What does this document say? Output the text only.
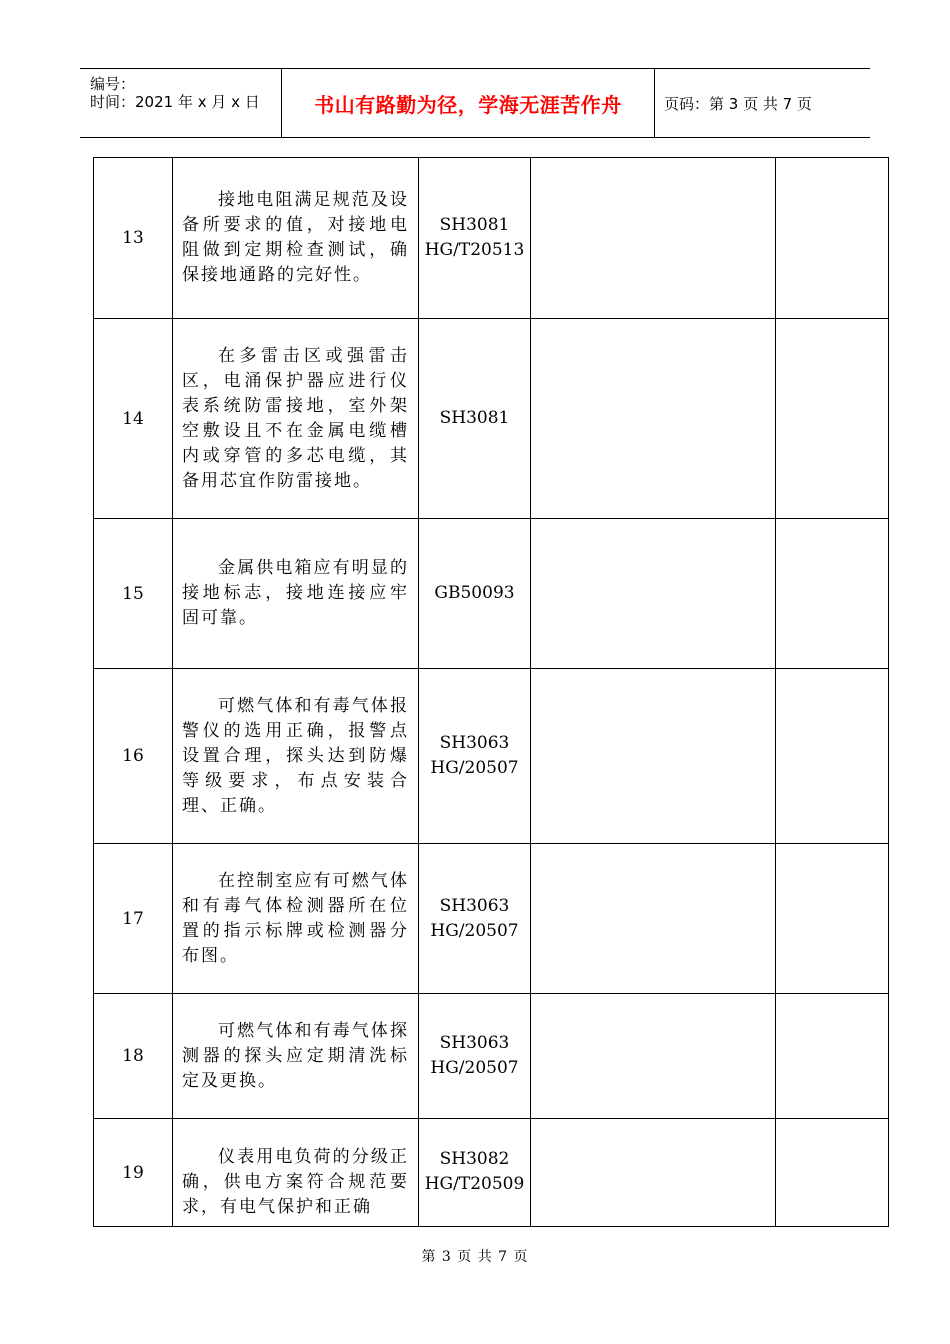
编号：
时间：2021 年 x 月 x 日	书山有路勤为径，学海无涯苦作舟	页码：第 3 页 共 7 页
13	接地电阻满足规范及设备所要求的值，对接地电阻做到定期检查测试，确保接地通路的完好性。	SH3081
HG/T20513		

14	在多雷击区或强雷击区，电涌保护器应进行仪表系统防雷接地，室外架空敷设且不在金属电缆槽内或穿管的多芯电缆，其备用芯宜作防雷接地。	SH3081		

15	金属供电箱应有明显的接地标志，接地连接应牢固可靠。	GB50093		

16	可燃气体和有毒气体报警仪的选用正确，报警点设置合理，探头达到防爆等级要求，布点安装合理、正确。	SH3063
HG/20507		

17	在控制室应有可燃气体和有毒气体检测器所在位置的指示标牌或检测器分布图。	SH3063
HG/20507		

18	可燃气体和有毒气体探测器的探头应定期清洗标定及更换。	SH3063
HG/20507		

19	仪表用电负荷的分级正确，供电方案符合规范要求，有电气保护和正确	SH3082
HG/T20509		

第 3 页 共 7 页
